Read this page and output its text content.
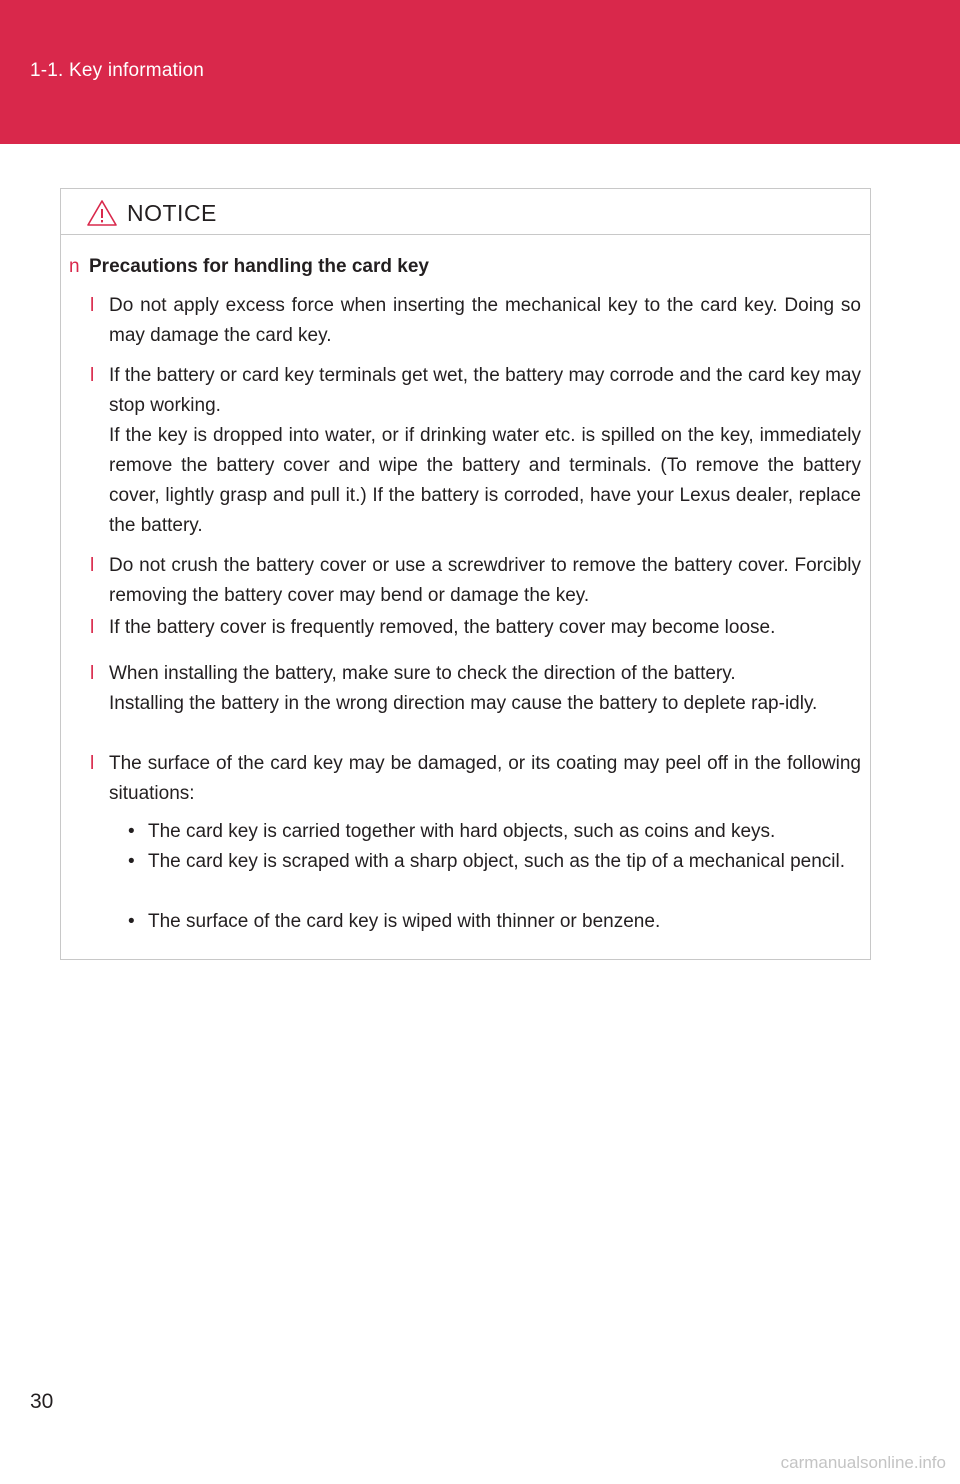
1-1. Key information
NOTICE
n Precautions for handling the card key
l Do not apply excess force when inserting the mechanical key to the card key. Doing so may damage the card key.
l If the battery or card key terminals get wet, the battery may corrode and the card key may stop working.
If the key is dropped into water, or if drinking water etc. is spilled on the key, immediately remove the battery cover and wipe the battery and terminals. (To remove the battery cover, lightly grasp and pull it.) If the battery is corroded, have your Lexus dealer, replace the battery.
l Do not crush the battery cover or use a screwdriver to remove the battery cover. Forcibly removing the battery cover may bend or damage the key.
l If the battery cover is frequently removed, the battery cover may become loose.
l When installing the battery, make sure to check the direction of the battery.
Installing the battery in the wrong direction may cause the battery to deplete rap-idly.
l The surface of the card key may be damaged, or its coating may peel off in the following situations:
• The card key is carried together with hard objects, such as coins and keys.
• The card key is scraped with a sharp object, such as the tip of a mechanical pencil.
• The surface of the card key is wiped with thinner or benzene.
30
carmanualsonline.info
